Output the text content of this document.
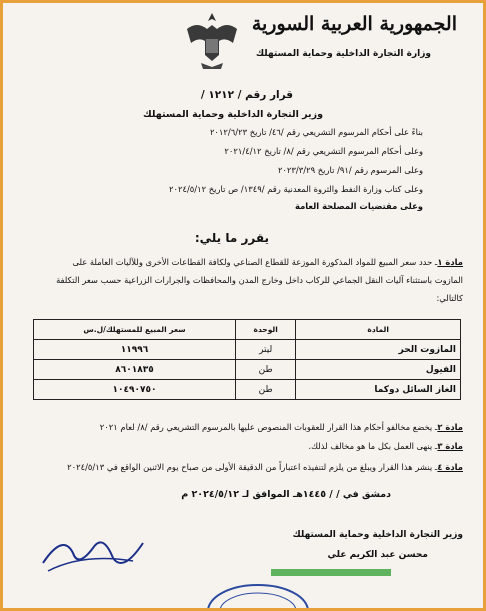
الجمهورية العربية السورية
وزارة التجارة الداخلية وحماية المستهلك
قرار رقم / ١٢١٢ /
وزير التجارة الداخلية وحماية المستهلك
بناءً على أحكام المرسوم التشريعي رقم /٤٦/ تاريخ ٢٠١٢/٦/٢٣
وعلى أحكام المرسوم التشريعي رقم /٨/ تاريخ ٢٠٢١/٤/١٢
وعلى المرسوم رقم /٩١/ تاريخ ٢٠٢٣/٣/٢٩
وعلى كتاب وزارة النفط والثروة المعدنية رقم /١٣٤٩/ ص تاريخ ٢٠٢٤/٥/١٢
وعلى مقتضيات المصلحة العامة
يقرر ما يلي:
مادة ١ـ حدد سعر المبيع للمواد المذكورة الموزعة للقطاع الصناعي ولكافة القطاعات الأخرى وللآليات العاملة على
المازوت باستثناء آليات النقل الجماعي للركاب داخل وخارج المدن والمحافظات والجرارات الزراعية حسب سعر التكلفة
كالتالي:
المادة	الوحدة	سعر المبيع للمستهلك/ل.س
المازوت الحر	ليتر	١١٩٩٦
الفيول	طن	٨٦٠١٨٣٥
الغاز السائل دوكما	طن	١٠٤٩٠٧٥٠
مادة ٢ـ يخضع مخالفو أحكام هذا القرار للعقوبات المنصوص عليها بالمرسوم التشريعي رقم /٨/ لعام ٢٠٢١
مادة ٣ـ ينهى العمل بكل ما هو مخالف لذلك.
مادة ٤ـ ينشر هذا القرار ويبلغ من يلزم لتنفيذه اعتباراً من الدقيقة الأولى من صباح يوم الاثنين الواقع في ٢٠٢٤/٥/١٣
دمشق في / / ١٤٤٥هـ الموافق لـ ٢٠٢٤/٥/١٢ م
وزير التجارة الداخلية وحماية المستهلك
محسن عبد الكريم علي
